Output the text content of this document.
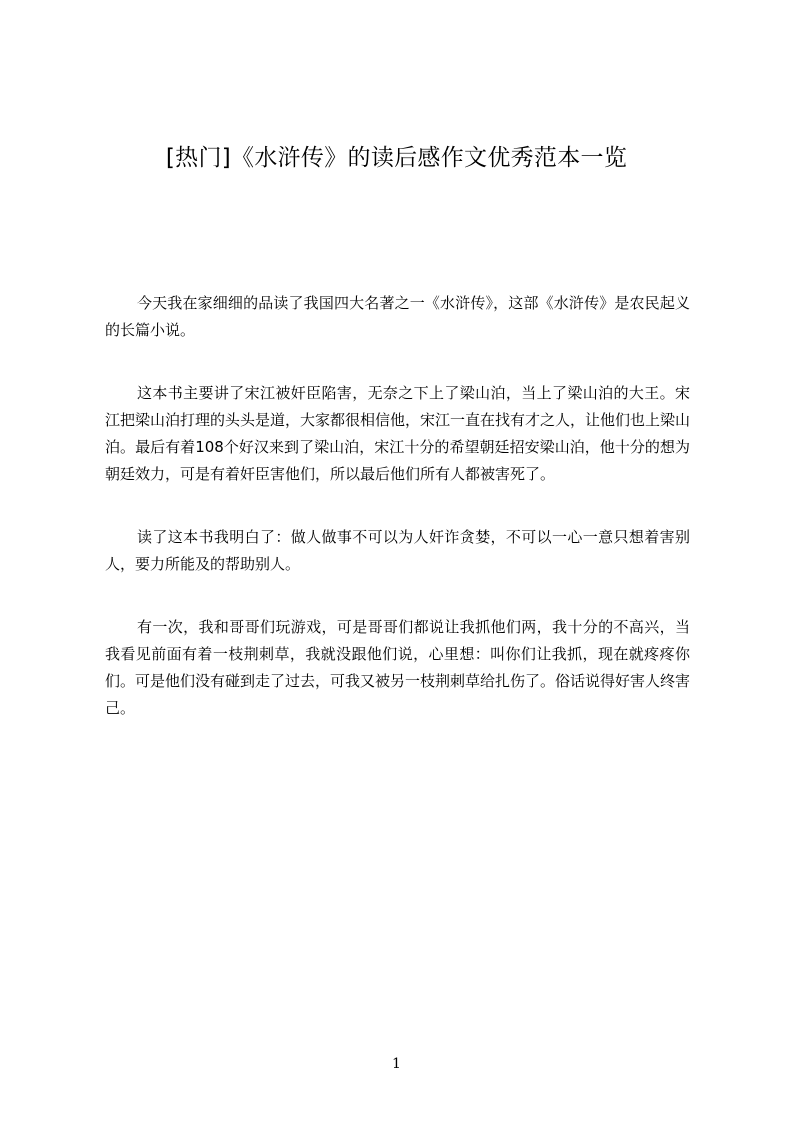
[热门]《水浒传》的读后感作文优秀范本一览

今天我在家细细的品读了我国四大名著之一《水浒传》，这部《水浒传》是农民起义的长篇小说。

这本书主要讲了宋江被奸臣陷害，无奈之下上了梁山泊，当上了梁山泊的大王。宋江把梁山泊打理的头头是道，大家都很相信他，宋江一直在找有才之人，让他们也上梁山泊。最后有着108个好汉来到了梁山泊，宋江十分的希望朝廷招安梁山泊，他十分的想为朝廷效力，可是有着奸臣害他们，所以最后他们所有人都被害死了。

读了这本书我明白了：做人做事不可以为人奸诈贪婪，不可以一心一意只想着害别人，要力所能及的帮助别人。

有一次，我和哥哥们玩游戏，可是哥哥们都说让我抓他们两，我十分的不高兴，当我看见前面有着一枝荆刺草，我就没跟他们说，心里想：叫你们让我抓，现在就疼疼你们。可是他们没有碰到走了过去，可我又被另一枝荆刺草给扎伤了。俗话说得好害人终害己。

1
